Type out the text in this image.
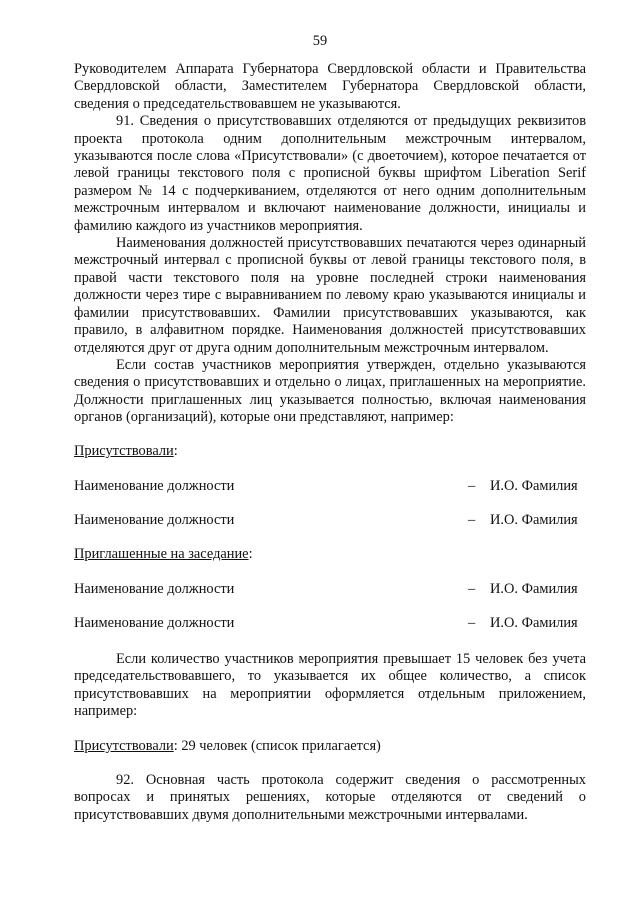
59

Руководителем Аппарата Губернатора Свердловской области и Правительства Свердловской области, Заместителем Губернатора Свердловской области, сведения о председательствовавшем не указываются.

91. Сведения о присутствовавших отделяются от предыдущих реквизитов проекта протокола одним дополнительным межстрочным интервалом, указываются после слова «Присутствовали» (с двоеточием), которое печатается от левой границы текстового поля с прописной буквы шрифтом Liberation Serif размером № 14 с подчеркиванием, отделяются от него одним дополнительным межстрочным интервалом и включают наименование должности, инициалы и фамилию каждого из участников мероприятия.

Наименования должностей присутствовавших печатаются через одинарный межстрочный интервал с прописной буквы от левой границы текстового поля, в правой части текстового поля на уровне последней строки наименования должности через тире с выравниванием по левому краю указываются инициалы и фамилии присутствовавших. Фамилии присутствовавших указываются, как правило, в алфавитном порядке. Наименования должностей присутствовавших отделяются друг от друга одним дополнительным межстрочным интервалом.

Если состав участников мероприятия утвержден, отдельно указываются сведения о присутствовавших и отдельно о лицах, приглашенных на мероприятие. Должности приглашенных лиц указывается полностью, включая наименования органов (организаций), которые они представляют, например:

Присутствовали:
Наименование должности	– И.О. Фамилия
Наименование должности	– И.О. Фамилия
Приглашенные на заседание:
Наименование должности	– И.О. Фамилия
Наименование должности	– И.О. Фамилия

Если количество участников мероприятия превышает 15 человек без учета председательствовавшего, то указывается их общее количество, а список присутствовавших на мероприятии оформляется отдельным приложением, например:

Присутствовали: 29 человек (список прилагается)

92. Основная часть протокола содержит сведения о рассмотренных вопросах и принятых решениях, которые отделяются от сведений о присутствовавших двумя дополнительными межстрочными интервалами.
